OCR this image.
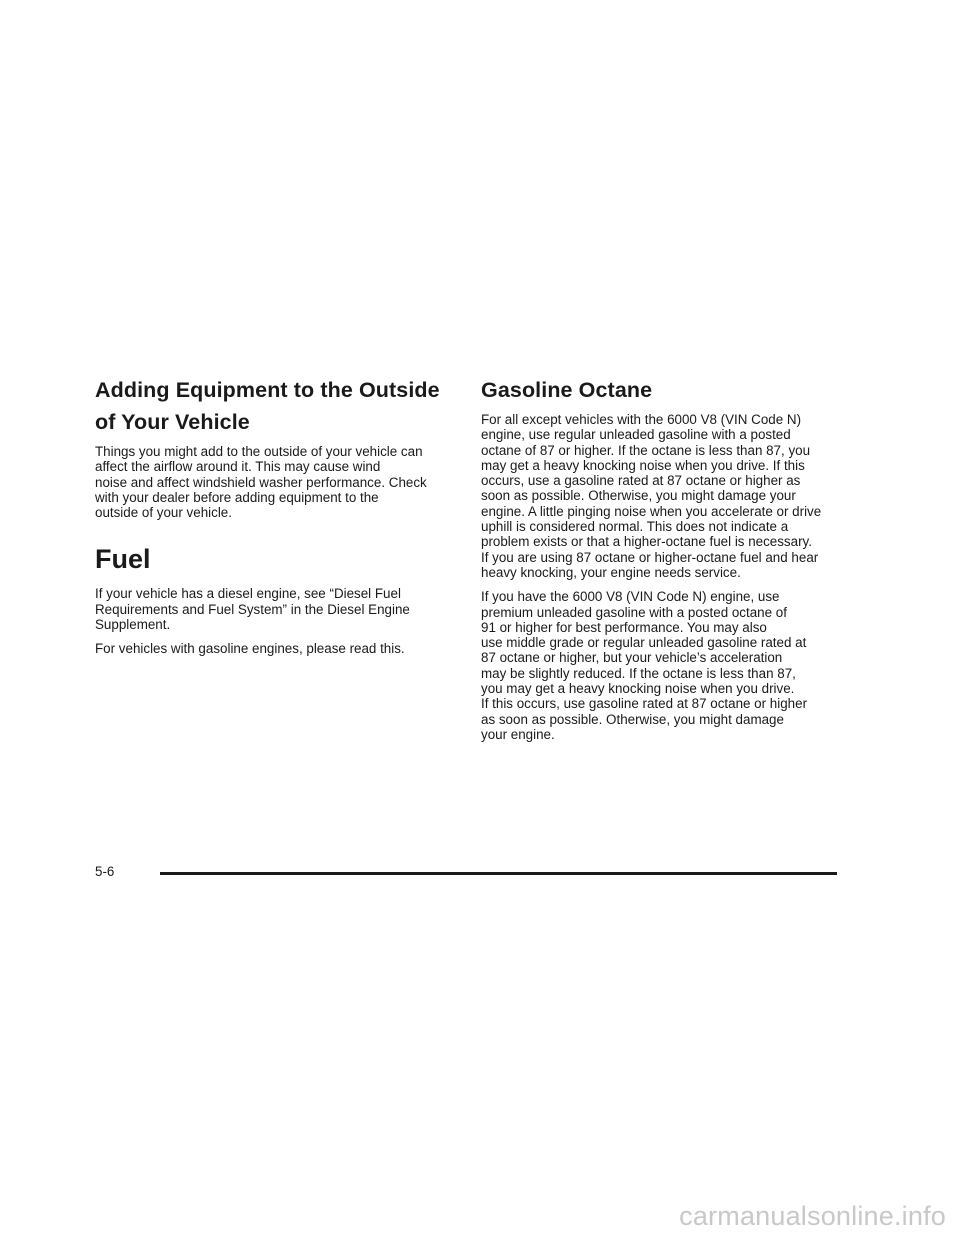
Adding Equipment to the Outside
of Your Vehicle

Things you might add to the outside of your vehicle can
affect the airflow around it. This may cause wind
noise and affect windshield washer performance. Check
with your dealer before adding equipment to the
outside of your vehicle.

Fuel

If your vehicle has a diesel engine, see “Diesel Fuel
Requirements and Fuel System” in the Diesel Engine
Supplement.

For vehicles with gasoline engines, please read this.

Gasoline Octane

For all except vehicles with the 6000 V8 (VIN Code N)
engine, use regular unleaded gasoline with a posted
octane of 87 or higher. If the octane is less than 87, you
may get a heavy knocking noise when you drive. If this
occurs, use a gasoline rated at 87 octane or higher as
soon as possible. Otherwise, you might damage your
engine. A little pinging noise when you accelerate or drive
uphill is considered normal. This does not indicate a
problem exists or that a higher-octane fuel is necessary.
If you are using 87 octane or higher-octane fuel and hear
heavy knocking, your engine needs service.

If you have the 6000 V8 (VIN Code N) engine, use
premium unleaded gasoline with a posted octane of
91 or higher for best performance. You may also
use middle grade or regular unleaded gasoline rated at
87 octane or higher, but your vehicle’s acceleration
may be slightly reduced. If the octane is less than 87,
you may get a heavy knocking noise when you drive.
If this occurs, use gasoline rated at 87 octane or higher
as soon as possible. Otherwise, you might damage
your engine.

5-6
carmanualsonline.info
